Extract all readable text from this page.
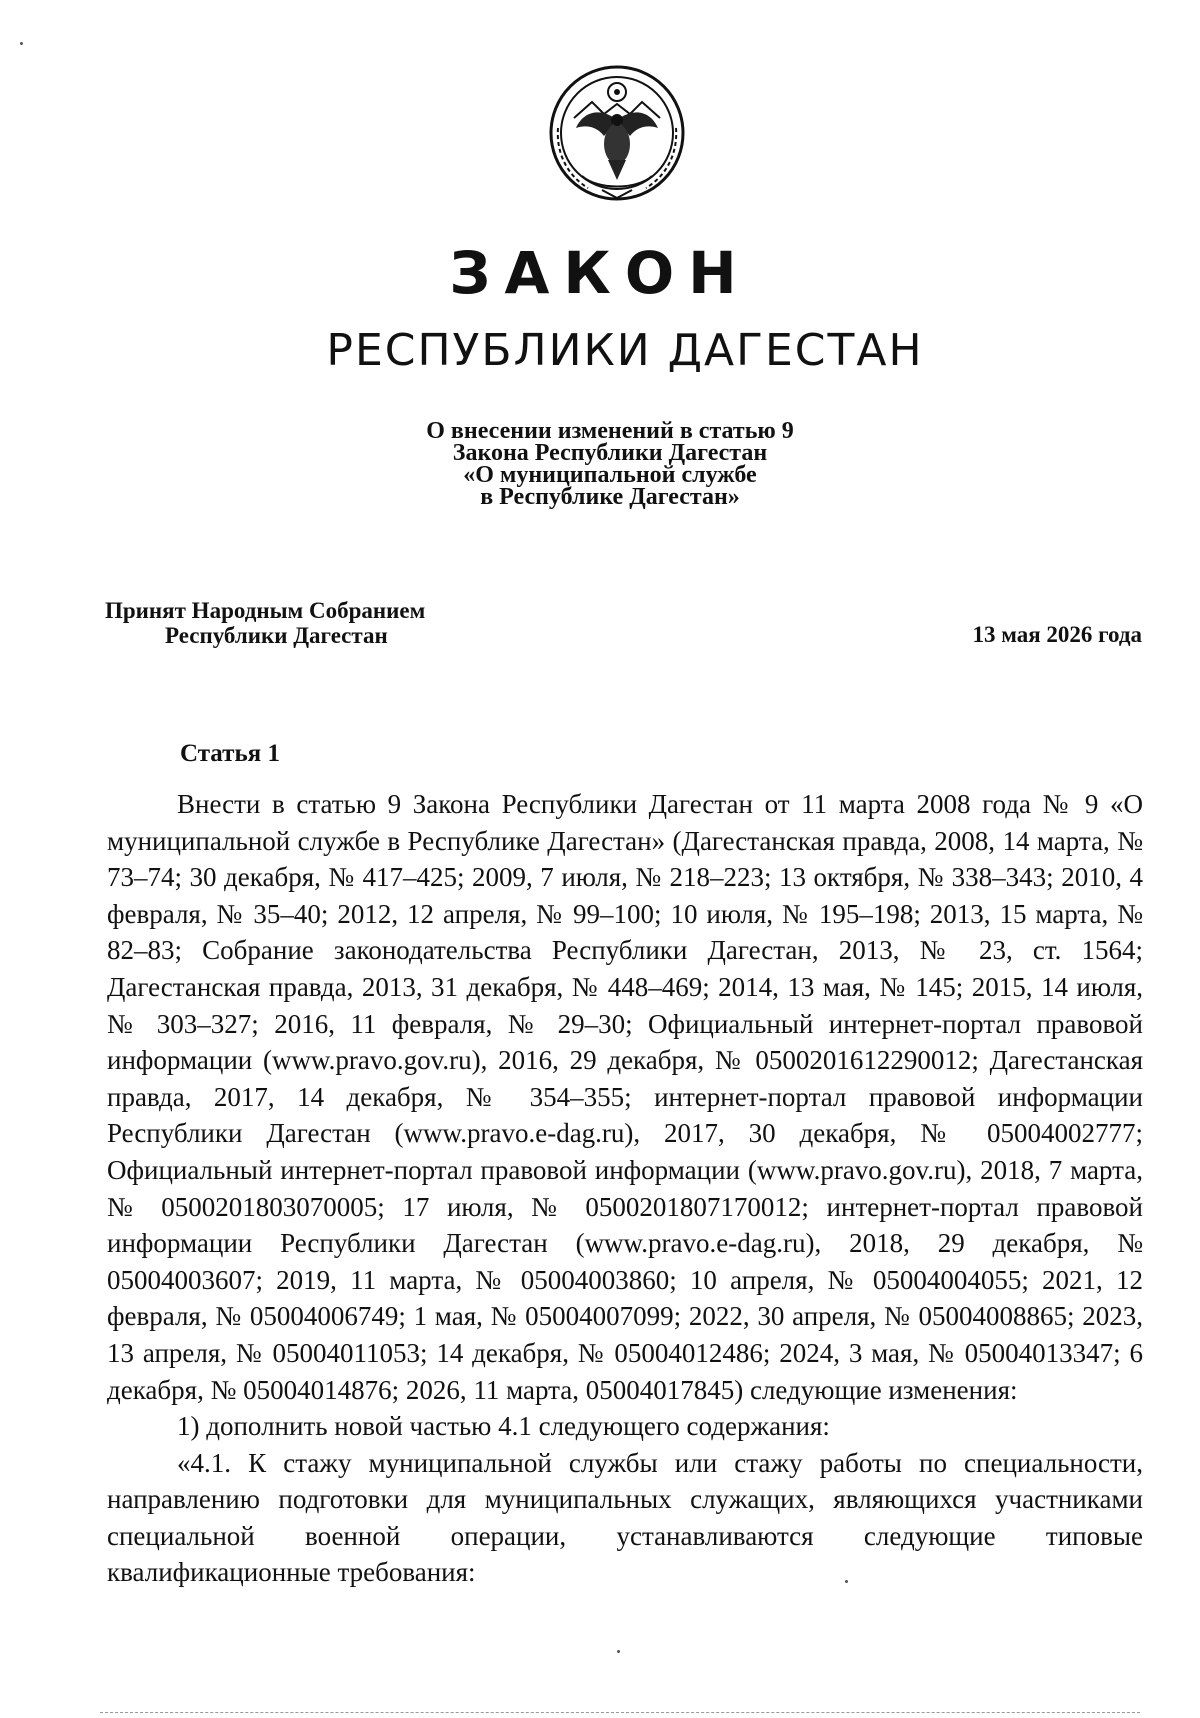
ЗАКОН
РЕСПУБЛИКИ ДАГЕСТАН
О внесении изменений в статью 9
Закона Республики Дагестан
«О муниципальной службе
в Республике Дагестан»
Принят Народным Собранием
Республики Дагестан	13 мая 2026 года
Статья 1

Внести в статью 9 Закона Республики Дагестан от 11 марта 2008 года № 9 «О муниципальной службе в Республике Дагестан» (Дагестанская правда, 2008, 14 марта, № 73–74; 30 декабря, № 417–425; 2009, 7 июля, № 218–223; 13 октября, № 338–343; 2010, 4 февраля, № 35–40; 2012, 12 апреля, № 99–100; 10 июля, № 195–198; 2013, 15 марта, № 82–83; Собрание законодательства Республики Дагестан, 2013, № 23, ст. 1564; Дагестанская правда, 2013, 31 декабря, № 448–469; 2014, 13 мая, № 145; 2015, 14 июля, № 303–327; 2016, 11 февраля, № 29–30; Официальный интернет-портал правовой информации (www.pravo.gov.ru), 2016, 29 декабря, № 0500201612290012; Дагестанская правда, 2017, 14 декабря, № 354–355; интернет-портал правовой информации Республики Дагестан (www.pravo.e-dag.ru), 2017, 30 декабря, № 05004002777; Официальный интернет-портал правовой информации (www.pravo.gov.ru), 2018, 7 марта, № 0500201803070005; 17 июля, № 0500201807170012; интернет-портал правовой информации Республики Дагестан (www.pravo.e-dag.ru), 2018, 29 декабря, № 05004003607; 2019, 11 марта, № 05004003860; 10 апреля, № 05004004055; 2021, 12 февраля, № 05004006749; 1 мая, № 05004007099; 2022, 30 апреля, № 05004008865; 2023, 13 апреля, № 05004011053; 14 декабря, № 05004012486; 2024, 3 мая, № 05004013347; 6 декабря, № 05004014876; 2026, 11 марта, 05004017845) следующие изменения:

1) дополнить новой частью 4.1 следующего содержания:

«4.1. К стажу муниципальной службы или стажу работы по специальности, направлению подготовки для муниципальных служащих, являющихся участниками специальной военной операции, устанавливаются следующие типовые квалификационные требования:
